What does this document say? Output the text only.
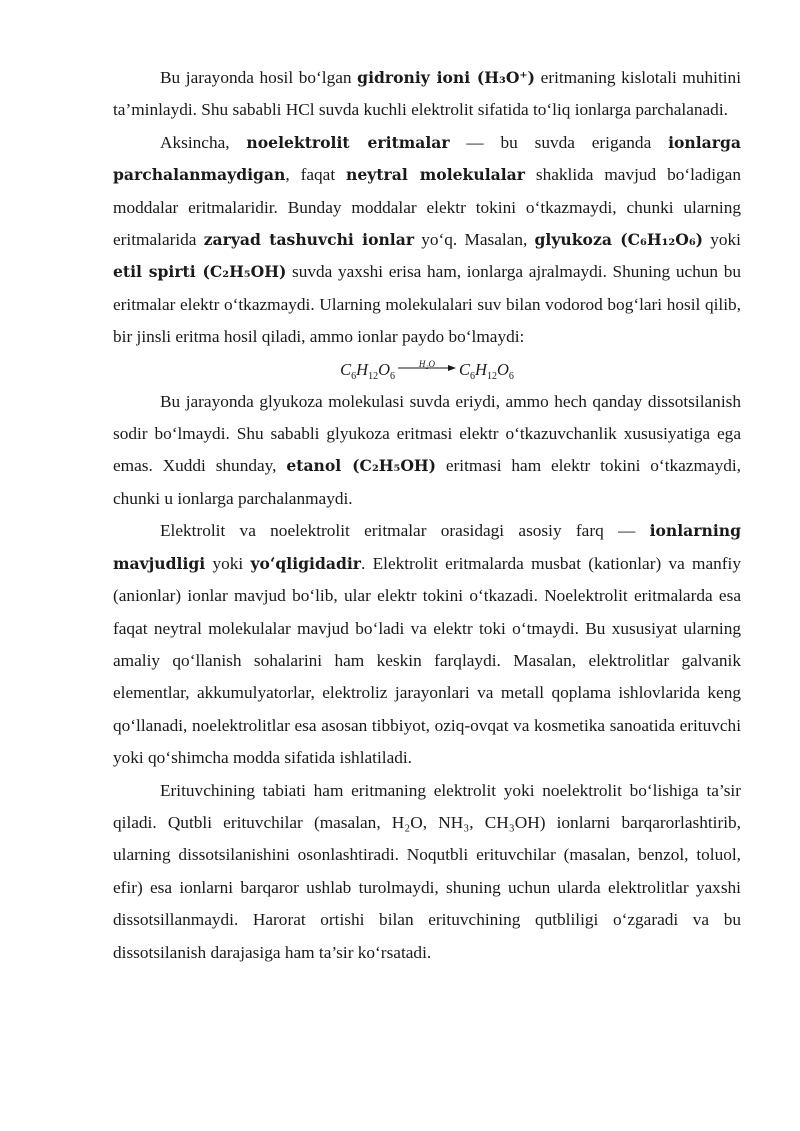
Bu jarayonda hosil bo‘lgan gidroniy ioni (H₃O⁺) eritmaning kislotali muhitini ta’minlaydi. Shu sababli HCl suvda kuchli elektrolit sifatida to‘liq ionlarga parchalanadi.

Aksincha, noelektrolit eritmalar — bu suvda eriganda ionlarga parchalanmaydigan, faqat neytral molekulalar shaklida mavjud bo‘ladigan moddalar eritmalaridir. Bunday moddalar elektr tokini o‘tkazmaydi, chunki ularning eritmalarida zaryad tashuvchi ionlar yo‘q. Masalan, glyukoza (C₆H₁₂O₆) yoki etil spirti (C₂H₅OH) suvda yaxshi erisa ham, ionlarga ajralmaydi. Shuning uchun bu eritmalar elektr o‘tkazmaydi. Ularning molekulalari suv bilan vodorod bog‘lari hosil qilib, bir jinsli eritma hosil qiladi, ammo ionlar paydo bo‘lmaydi:

$C_6H_{12}O_6$
H₂O	$C_6H_{12}O_6$

Bu jarayonda glyukoza molekulasi suvda eriydi, ammo hech qanday dissotsilanish sodir bo‘lmaydi. Shu sababli glyukoza eritmasi elektr o‘tkazuvchanlik xususiyatiga ega emas. Xuddi shunday, etanol (C₂H₅OH) eritmasi ham elektr tokini o‘tkazmaydi, chunki u ionlarga parchalanmaydi.

Elektrolit va noelektrolit eritmalar orasidagi asosiy farq — ionlarning mavjudligi yoki yo‘qligidadir. Elektrolit eritmalarda musbat (kationlar) va manfiy (anionlar) ionlar mavjud bo‘lib, ular elektr tokini o‘tkazadi. Noelektrolit eritmalarda esa faqat neytral molekulalar mavjud bo‘ladi va elektr toki o‘tmaydi. Bu xususiyat ularning amaliy qo‘llanish sohalarini ham keskin farqlaydi. Masalan, elektrolitlar galvanik elementlar, akkumulyatorlar, elektroliz jarayonlari va metall qoplama ishlovlarida keng qo‘llanadi, noelektrolitlar esa asosan tibbiyot, oziq-ovqat va kosmetika sanoatida erituvchi yoki qo‘shimcha modda sifatida ishlatiladi.

Erituvchining tabiati ham eritmaning elektrolit yoki noelektrolit bo‘lishiga ta’sir qiladi. Qutbli erituvchilar (masalan, H₂O, NH₃, CH₃OH) ionlarni barqarorlashtirib, ularning dissotsilanishini osonlashtiradi. Noqutbli erituvchilar (masalan, benzol, toluol, efir) esa ionlarni barqaror ushlab turolmaydi, shuning uchun ularda elektrolitlar yaxshi dissotsillanmaydi. Harorat ortishi bilan erituvchining qutbliligi o‘zgaradi va bu dissotsilanish darajasiga ham ta’sir ko‘rsatadi.
